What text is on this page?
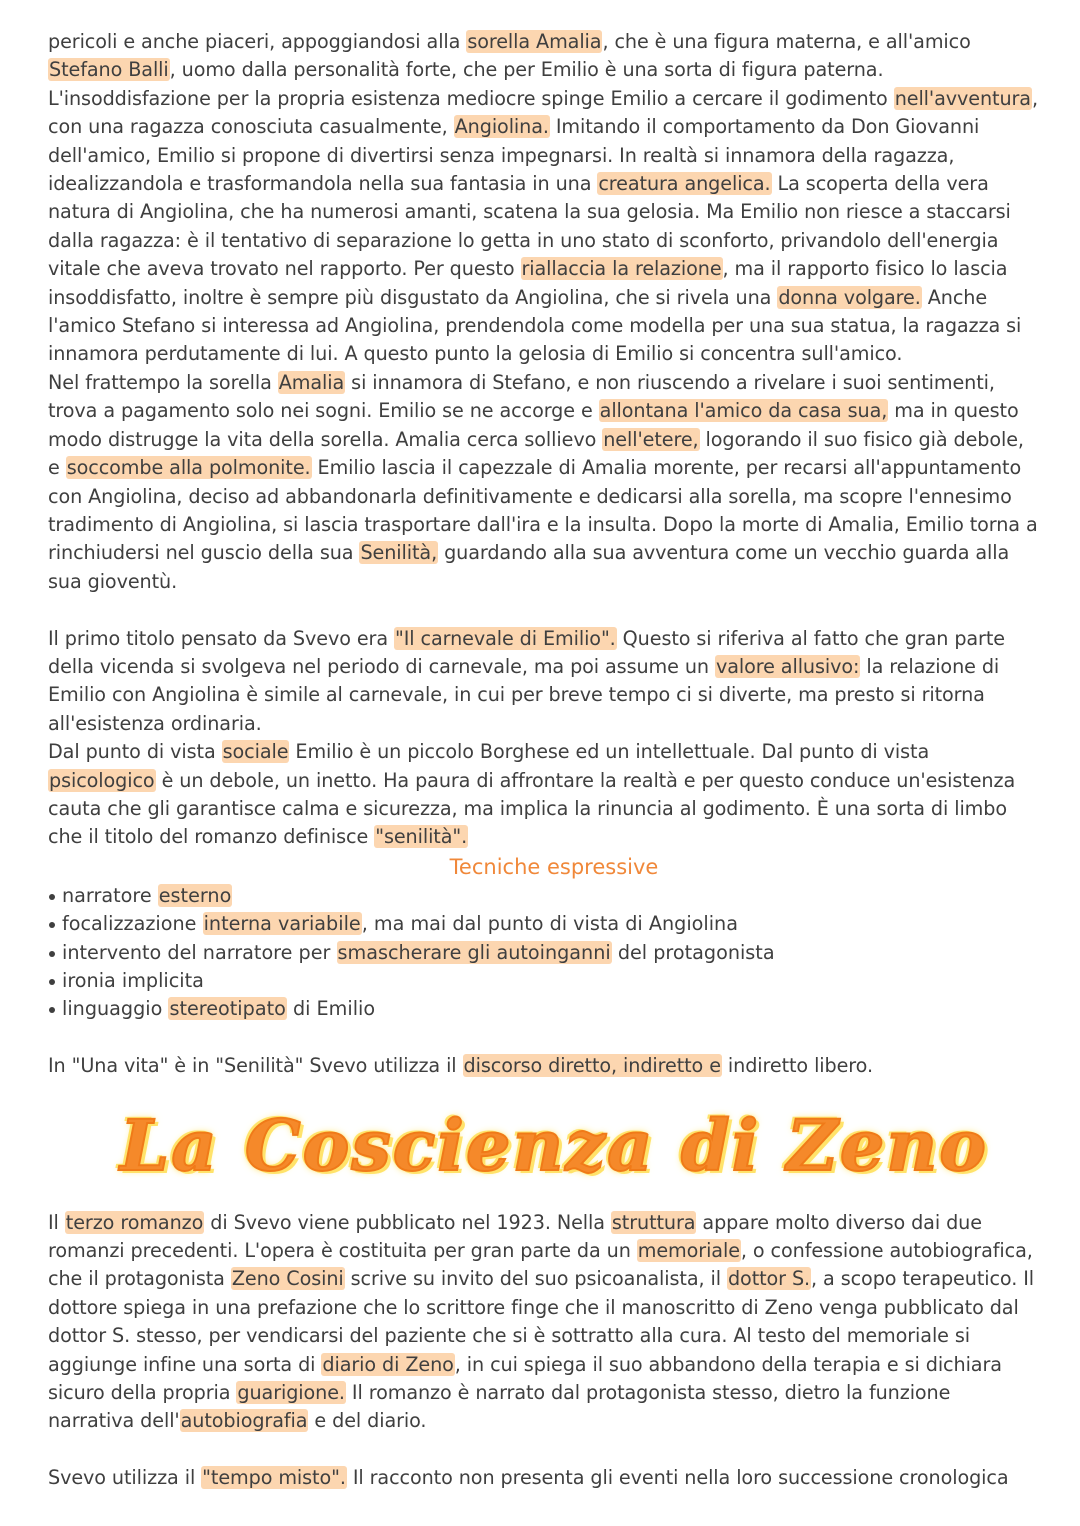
pericoli e anche piaceri, appoggiandosi alla sorella Amalia, che è una figura materna, e all'amico Stefano Balli, uomo dalla personalità forte, che per Emilio è una sorta di figura paterna. L'insoddisfazione per la propria esistenza mediocre spinge Emilio a cercare il godimento nell'avventura, con una ragazza conosciuta casualmente, Angiolina. Imitando il comportamento da Don Giovanni dell'amico, Emilio si propone di divertirsi senza impegnarsi. In realtà si innamora della ragazza, idealizzandola e trasformandola nella sua fantasia in una creatura angelica. La scoperta della vera natura di Angiolina, che ha numerosi amanti, scatena la sua gelosia. Ma Emilio non riesce a staccarsi dalla ragazza: è il tentativo di separazione lo getta in uno stato di sconforto, privandolo dell'energia vitale che aveva trovato nel rapporto. Per questo riallaccia la relazione, ma il rapporto fisico lo lascia insoddisfatto, inoltre è sempre più disgustato da Angiolina, che si rivela una donna volgare. Anche l'amico Stefano si interessa ad Angiolina, prendendola come modella per una sua statua, la ragazza si innamora perdutamente di lui. A questo punto la gelosia di Emilio si concentra sull'amico.

Nel frattempo la sorella Amalia si innamora di Stefano, e non riuscendo a rivelare i suoi sentimenti, trova a pagamento solo nei sogni. Emilio se ne accorge e allontana l'amico da casa sua, ma in questo modo distrugge la vita della sorella. Amalia cerca sollievo nell'etere, logorando il suo fisico già debole, e soccombe alla polmonite. Emilio lascia il capezzale di Amalia morente, per recarsi all'appuntamento con Angiolina, deciso ad abbandonarla definitivamente e dedicarsi alla sorella, ma scopre l'ennesimo tradimento di Angiolina, si lascia trasportare dall'ira e la insulta. Dopo la morte di Amalia, Emilio torna a rinchiudersi nel guscio della sua Senilità, guardando alla sua avventura come un vecchio guarda alla sua gioventù.

Il primo titolo pensato da Svevo era "Il carnevale di Emilio". Questo si riferiva al fatto che gran parte della vicenda si svolgeva nel periodo di carnevale, ma poi assume un valore allusivo: la relazione di Emilio con Angiolina è simile al carnevale, in cui per breve tempo ci si diverte, ma presto si ritorna all'esistenza ordinaria.

Dal punto di vista sociale Emilio è un piccolo Borghese ed un intellettuale. Dal punto di vista psicologico è un debole, un inetto. Ha paura di affrontare la realtà e per questo conduce un'esistenza cauta che gli garantisce calma e sicurezza, ma implica la rinuncia al godimento. È una sorta di limbo che il titolo del romanzo definisce "senilità".

Tecniche espressive
narratore esterno
focalizzazione interna variabile, ma mai dal punto di vista di Angiolina
intervento del narratore per smascherare gli autoinganni del protagonista
ironia implicita
linguaggio stereotipato di Emilio

In "Una vita" è in "Senilità" Svevo utilizza il discorso diretto, indiretto e indiretto libero.

La Coscienza di Zeno

Il terzo romanzo di Svevo viene pubblicato nel 1923. Nella struttura appare molto diverso dai due romanzi precedenti. L'opera è costituita per gran parte da un memoriale, o confessione autobiografica, che il protagonista Zeno Cosini scrive su invito del suo psicoanalista, il dottor S., a scopo terapeutico. Il dottore spiega in una prefazione che lo scrittore finge che il manoscritto di Zeno venga pubblicato dal dottor S. stesso, per vendicarsi del paziente che si è sottratto alla cura. Al testo del memoriale si aggiunge infine una sorta di diario di Zeno, in cui spiega il suo abbandono della terapia e si dichiara sicuro della propria guarigione. Il romanzo è narrato dal protagonista stesso, dietro la funzione narrativa dell'autobiografia e del diario.

Svevo utilizza il "tempo misto". Il racconto non presenta gli eventi nella loro successione cronologica
